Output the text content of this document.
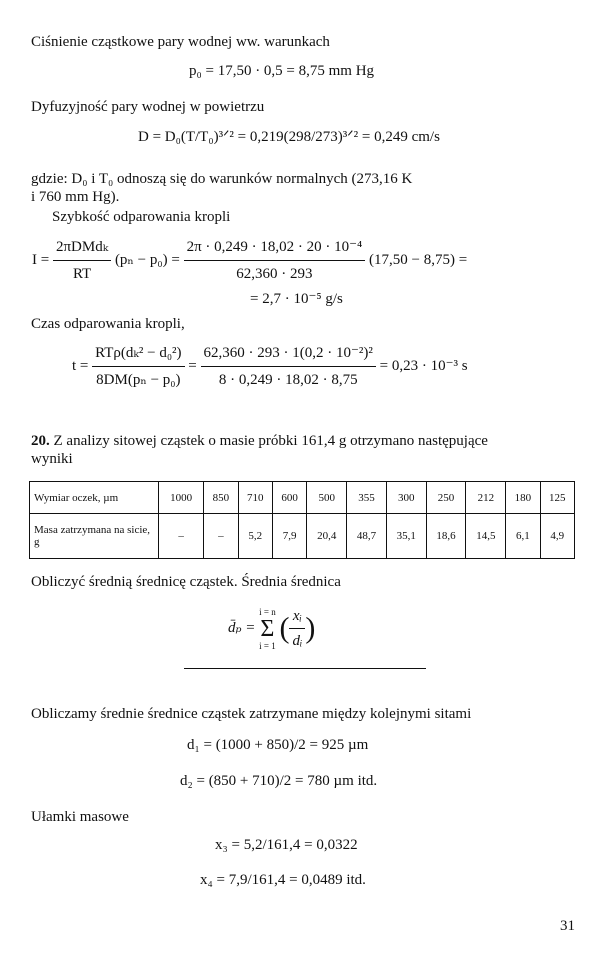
Ciśnienie cząstkowe pary wodnej ww. warunkach
p₀ = 17,50 · 0,5 = 8,75 mm Hg
Dyfuzyjność pary wodnej w powietrzu
D = D₀(T/T₀)³ᐟ² = 0,219(298/273)³ᐟ² = 0,249 cm/s
gdzie: D₀ i T₀ odnoszą się do warunków normalnych (273,16 K
i 760 mm Hg).
Szybkość odparowania kropli
$I = \frac{\text{2πDMdₖ}}{RT} (p_n - p_0) = \frac{\text{2π · 0,249 · 18,02 · 20 · 10⁻⁴}}{62,360 \cdot 293} (17,50 - 8,75)$ =
= 2,7 · 10⁻⁵ g/s
Czas odparowania kropli,
$t = \frac{\text{RTρ(dₖ² − d₀²)}}{\text{8DM(pₙ − p₀)}} = \frac{\text{62,360 · 293 · 1(0,2 · 10⁻²)²}}{8 \cdot 0,249 \cdot 18,02 \cdot 8,75} = 0,23 \cdot 10^{-3}$ s
20. Z analizy sitowej cząstek o masie próbki 161,4 g otrzymano następujące
wyniki
Wymiar oczek, µm	1000	850	710	600	500	355	300	250	212	180	125
Masa zatrzymana na sicie, g	–	–	5,2	7,9	20,4	48,7	35,1	18,6	14,5	6,1	4,9
Obliczyć średnią średnicę cząstek. Średnia średnica
d̄ₚ =
i = n
Σ
i = 1
( $\frac{\text{xᵢ}}{\text{dᵢ}}$ )
Obliczamy średnie średnice cząstek zatrzymane między kolejnymi sitami
d₁ = (1000 + 850)/2 = 925 µm
d₂ = (850 + 710)/2 = 780 µm itd.
Ułamki masowe
x₃ = 5,2/161,4 = 0,0322
x₄ = 7,9/161,4 = 0,0489 itd.
31
